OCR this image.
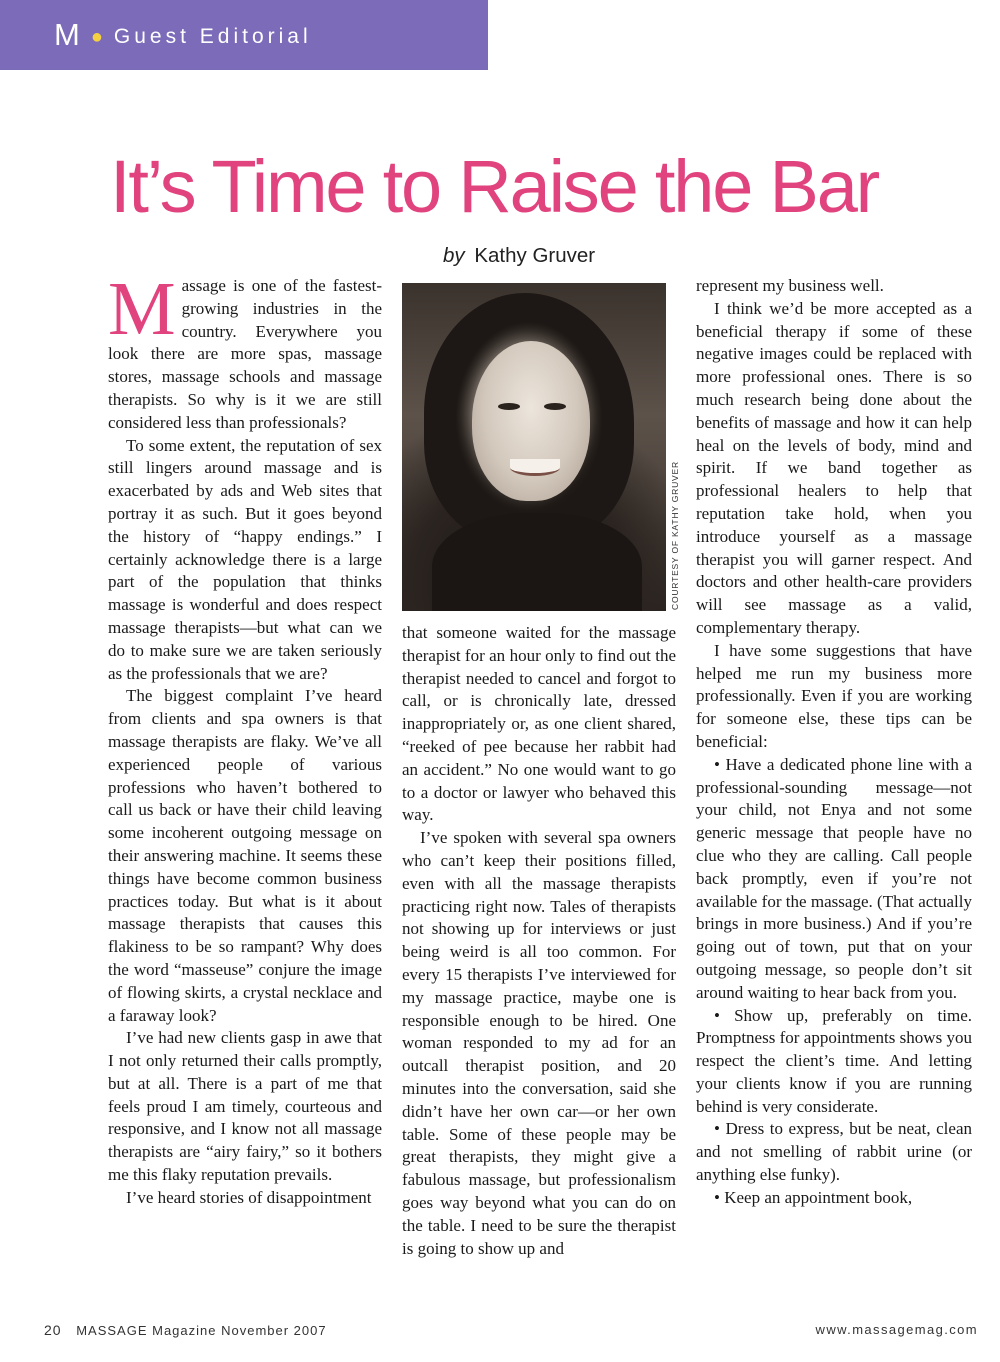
M ● Guest Editorial
It’s Time to Raise the Bar
by Kathy Gruver

Massage is one of the fastest-growing industries in the country. Everywhere you look there are more spas, massage stores, massage schools and massage therapists. So why is it we are still considered less than professionals?

To some extent, the reputation of sex still lingers around massage and is exacerbated by ads and Web sites that portray it as such. But it goes beyond the history of “happy endings.” I certainly acknowledge there is a large part of the population that thinks massage is wonderful and does respect massage therapists—but what can we do to make sure we are taken seriously as the professionals that we are?

The biggest complaint I’ve heard from clients and spa owners is that massage therapists are flaky. We’ve all experienced people of various professions who haven’t bothered to call us back or have their child leaving some incoherent outgoing message on their answering machine. It seems these things have become common business practices today. But what is it about massage therapists that causes this flakiness to be so rampant? Why does the word “masseuse” conjure the image of flowing skirts, a crystal necklace and a faraway look?

I’ve had new clients gasp in awe that I not only returned their calls promptly, but at all. There is a part of me that feels proud I am timely, courteous and responsive, and I know not all massage therapists are “airy fairy,” so it bothers me this flaky reputation prevails.

I’ve heard stories of disappointment

COURTESY OF KATHY GRUVER

that someone waited for the massage therapist for an hour only to find out the therapist needed to cancel and forgot to call, or is chronically late, dressed inappropriately or, as one client shared, “reeked of pee because her rabbit had an accident.” No one would want to go to a doctor or lawyer who behaved this way.

I’ve spoken with several spa owners who can’t keep their positions filled, even with all the massage therapists practicing right now. Tales of therapists not showing up for interviews or just being weird is all too common. For every 15 therapists I’ve interviewed for my massage practice, maybe one is responsible enough to be hired. One woman responded to my ad for an outcall therapist position, and 20 minutes into the conversation, said she didn’t have her own car—or her own table. Some of these people may be great therapists, they might give a fabulous massage, but professionalism goes way beyond what you can do on the table. I need to be sure the therapist is going to show up and

represent my business well.

I think we’d be more accepted as a beneficial therapy if some of these negative images could be replaced with more professional ones. There is so much research being done about the benefits of massage and how it can help heal on the levels of body, mind and spirit. If we band together as professional healers to help that reputation take hold, when you introduce yourself as a massage therapist you will garner respect. And doctors and other health-care providers will see massage as a valid, complementary therapy.

I have some suggestions that have helped me run my business more professionally. Even if you are working for someone else, these tips can be beneficial:

• Have a dedicated phone line with a professional-sounding message—not your child, not Enya and not some generic message that people have no clue who they are calling. Call people back promptly, even if you’re not available for the massage. (That actually brings in more business.) And if you’re going out of town, put that on your outgoing message, so people don’t sit around waiting to hear back from you.

• Show up, preferably on time. Promptness for appointments shows you respect the client’s time. And letting your clients know if you are running behind is very considerate.

• Dress to express, but be neat, clean and not smelling of rabbit urine (or anything else funky).

• Keep an appointment book,

20 MASSAGE Magazine November 2007	www.massagemag.com
